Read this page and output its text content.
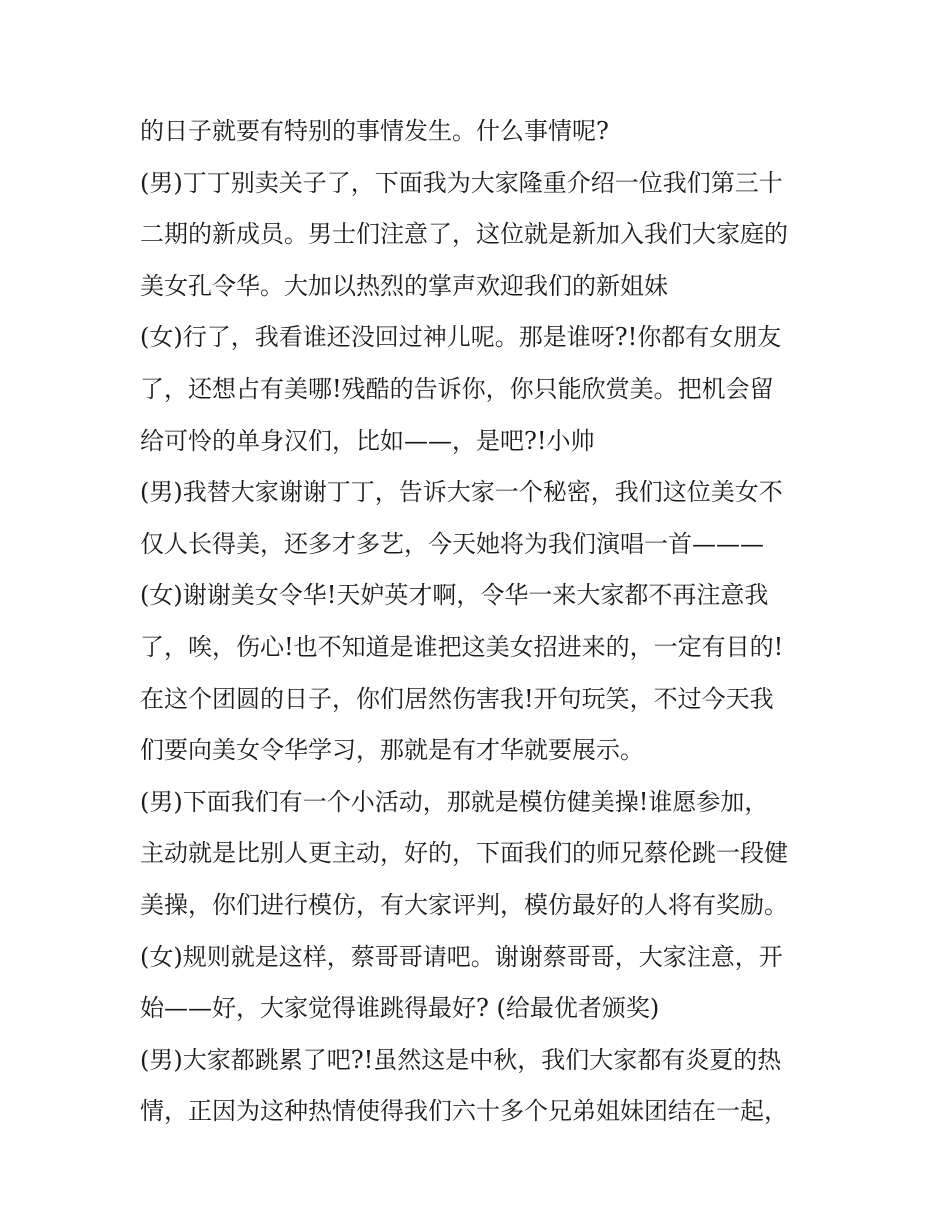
的日子就要有特别的事情发生。什么事情呢?
(男)丁丁别卖关子了，下面我为大家隆重介绍一位我们第三十
二期的新成员。男士们注意了，这位就是新加入我们大家庭的
美女孔令华。大加以热烈的掌声欢迎我们的新姐妹
(女)行了，我看谁还没回过神儿呢。那是谁呀?!你都有女朋友
了，还想占有美哪!残酷的告诉你，你只能欣赏美。把机会留
给可怜的单身汉们，比如——，是吧?!小帅
(男)我替大家谢谢丁丁，告诉大家一个秘密，我们这位美女不
仅人长得美，还多才多艺，今天她将为我们演唱一首———
(女)谢谢美女令华!天妒英才啊，令华一来大家都不再注意我
了，唉，伤心!也不知道是谁把这美女招进来的，一定有目的!
在这个团圆的日子，你们居然伤害我!开句玩笑，不过今天我
们要向美女令华学习，那就是有才华就要展示。
(男)下面我们有一个小活动，那就是模仿健美操!谁愿参加，
主动就是比别人更主动，好的，下面我们的师兄蔡伦跳一段健
美操，你们进行模仿，有大家评判，模仿最好的人将有奖励。
(女)规则就是这样，蔡哥哥请吧。谢谢蔡哥哥，大家注意，开
始——好，大家觉得谁跳得最好? (给最优者颁奖)
(男)大家都跳累了吧?!虽然这是中秋，我们大家都有炎夏的热
情，正因为这种热情使得我们六十多个兄弟姐妹团结在一起，
